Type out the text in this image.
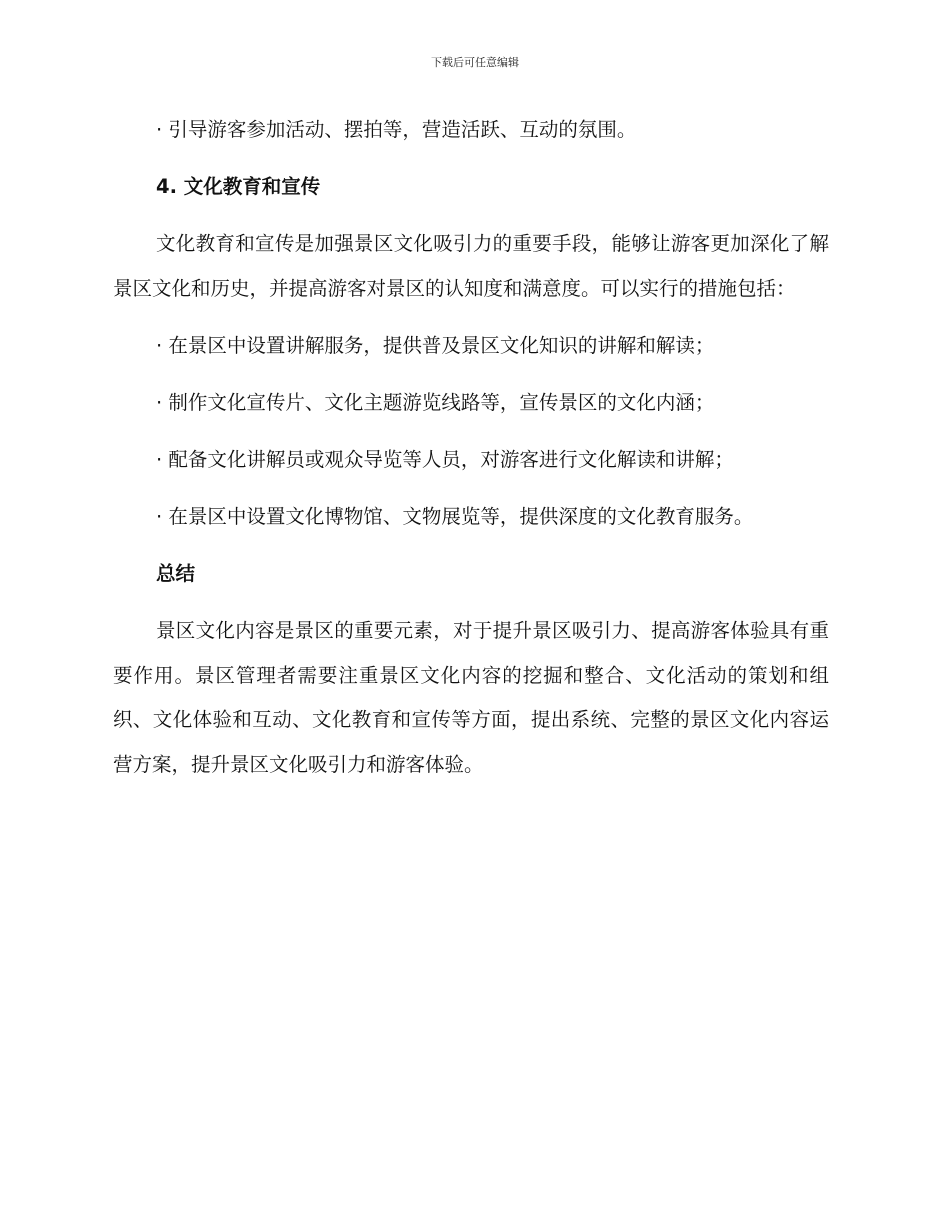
下载后可任意编辑

· 引导游客参加活动、摆拍等，营造活跃、互动的氛围。

4. 文化教育和宣传

文化教育和宣传是加强景区文化吸引力的重要手段，能够让游客更加深化了解景区文化和历史，并提高游客对景区的认知度和满意度。可以实行的措施包括：

· 在景区中设置讲解服务，提供普及景区文化知识的讲解和解读；

· 制作文化宣传片、文化主题游览线路等，宣传景区的文化内涵；

· 配备文化讲解员或观众导览等人员，对游客进行文化解读和讲解；

· 在景区中设置文化博物馆、文物展览等，提供深度的文化教育服务。

总结

景区文化内容是景区的重要元素，对于提升景区吸引力、提高游客体验具有重要作用。景区管理者需要注重景区文化内容的挖掘和整合、文化活动的策划和组织、文化体验和互动、文化教育和宣传等方面，提出系统、完整的景区文化内容运营方案，提升景区文化吸引力和游客体验。
